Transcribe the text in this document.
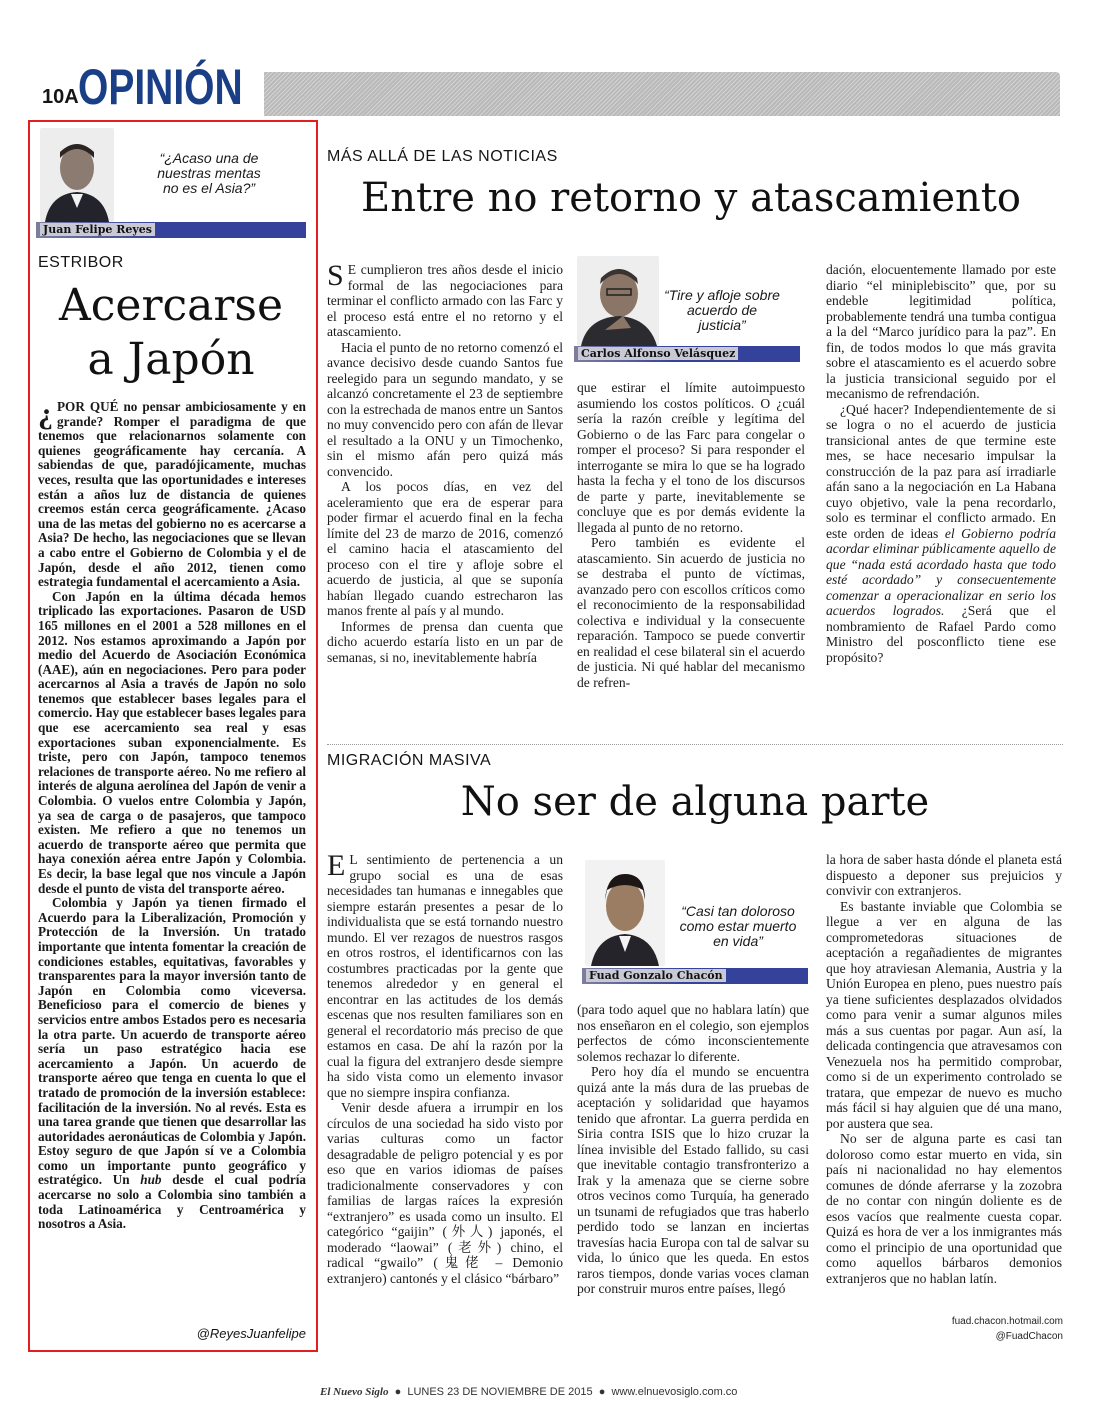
10A OPINIÓN
“¿Acaso una de nuestras mentas no es el Asia?”
Juan Felipe Reyes
ESTRIBOR
Acercarse
a Japón

¿ POR QUÉ no pensar ambiciosamente y en grande? Romper el paradigma de que tenemos que relacionarnos solamente con quienes geográficamente hay cercanía. A sabiendas de que, paradójicamente, muchas veces, resulta que las oportunidades e intereses están a años luz de distancia de quienes creemos están cerca geográficamente. ¿Acaso una de las metas del gobierno no es acercarse a Asia? De hecho, las negociaciones que se llevan a cabo entre el Gobierno de Colombia y el de Japón, desde el año 2012, tienen como estrategia fundamental el acercamiento a Asia.

Con Japón en la última década hemos triplicado las exportaciones. Pasaron de USD 165 millones en el 2001 a 528 millones en el 2012. Nos estamos aproximando a Japón por medio del Acuerdo de Asociación Económica (AAE), aún en negociaciones. Pero para poder acercarnos al Asia a través de Japón no solo tenemos que establecer bases legales para el comercio. Hay que establecer bases legales para que ese acercamiento sea real y esas exportaciones suban exponencialmente. Es triste, pero con Japón, tampoco tenemos relaciones de transporte aéreo. No me refiero al interés de alguna aerolínea del Japón de venir a Colombia. O vuelos entre Colombia y Japón, ya sea de carga o de pasajeros, que tampoco existen. Me refiero a que no tenemos un acuerdo de transporte aéreo que permita que haya conexión aérea entre Japón y Colombia. Es decir, la base legal que nos vincule a Japón desde el punto de vista del transporte aéreo.

Colombia y Japón ya tienen firmado el Acuerdo para la Liberalización, Promoción y Protección de la Inversión. Un tratado importante que intenta fomentar la creación de condiciones estables, equitativas, favorables y transparentes para la mayor inversión tanto de Japón en Colombia como viceversa. Beneficioso para el comercio de bienes y servicios entre ambos Estados pero es necesaria la otra parte. Un acuerdo de transporte aéreo sería un paso estratégico hacia ese acercamiento a Japón. Un acuerdo de transporte aéreo que tenga en cuenta lo que el tratado de promoción de la inversión establece: facilitación de la inversión. No al revés. Esta es una tarea grande que tienen que desarrollar las autoridades aeronáuticas de Colombia y Japón. Estoy seguro de que Japón sí ve a Colombia como un importante punto geográfico y estratégico. Un hub desde el cual podría acercarse no solo a Colombia sino también a toda Latinoamérica y Centroamérica y nosotros a Asia.

@ReyesJuanfelipe
MÁS ALLÁ DE LAS NOTICIAS
Entre no retorno y atascamiento

S E cumplieron tres años desde el inicio formal de las negociaciones para terminar el conflicto armado con las Farc y el proceso está entre el no retorno y el atascamiento.

Hacia el punto de no retorno comenzó el avance decisivo desde cuando Santos fue reelegido para un segundo mandato, y se alcanzó concretamente el 23 de septiembre con la estrechada de manos entre un Santos no muy convencido pero con afán de llevar el resultado a la ONU y un Timochenko, sin el mismo afán pero quizá más convencido.

A los pocos días, en vez del aceleramiento que era de esperar para poder firmar el acuerdo final en la fecha límite del 23 de marzo de 2016, comenzó el camino hacia el atascamiento del proceso con el tire y afloje sobre el acuerdo de justicia, al que se suponía habían llegado cuando estrecharon las manos frente al país y al mundo.

Informes de prensa dan cuenta que dicho acuerdo estaría listo en un par de semanas, si no, inevitablemente habría

“Tire y afloje sobre acuerdo de justicia”
Carlos Alfonso Velásquez

que estirar el límite autoimpuesto asumiendo los costos políticos. O ¿cuál sería la razón creíble y legítima del Gobierno o de las Farc para congelar o romper el proceso? Si para responder el interrogante se mira lo que se ha logrado hasta la fecha y el tono de los discursos de parte y parte, inevitablemente se concluye que es por demás evidente la llegada al punto de no retorno.

Pero también es evidente el atascamiento. Sin acuerdo de justicia no se destraba el punto de víctimas, avanzado pero con escollos críticos como el reconocimiento de la responsabilidad colectiva e individual y la consecuente reparación. Tampoco se puede convertir en realidad el cese bilateral sin el acuerdo de justicia. Ni qué hablar del mecanismo de refren-

dación, elocuentemente llamado por este diario “el miniplebiscito” que, por su endeble legitimidad política, probablemente tendrá una tumba contigua a la del “Marco jurídico para la paz”. En fin, de todos modos lo que más gravita sobre el atascamiento es el acuerdo sobre la justicia transicional seguido por el mecanismo de refrendación.

¿Qué hacer? Independientemente de si se logra o no el acuerdo de justicia transicional antes de que termine este mes, se hace necesario impulsar la construcción de la paz para así irradiarle afán sano a la negociación en La Habana cuyo objetivo, vale la pena recordarlo, solo es terminar el conflicto armado. En este orden de ideas el Gobierno podría acordar eliminar públicamente aquello de que “nada está acordado hasta que todo esté acordado” y consecuentemente comenzar a operacionalizar en serio los acuerdos logrados. ¿Será que el nombramiento de Rafael Pardo como Ministro del posconflicto tiene ese propósito?

MIGRACIÓN MASIVA
No ser de alguna parte

E L sentimiento de pertenencia a un grupo social es una de esas necesidades tan humanas e innegables que siempre estarán presentes a pesar de lo individualista que se está tornando nuestro mundo. El ver rezagos de nuestros rasgos en otros rostros, el identificarnos con las costumbres practicadas por la gente que tenemos alrededor y en general el encontrar en las actitudes de los demás escenas que nos resulten familiares son en general el recordatorio más preciso de que estamos en casa. De ahí la razón por la cual la figura del extranjero desde siempre ha sido vista como un elemento invasor que no siempre inspira confianza.

Venir desde afuera a irrumpir en los círculos de una sociedad ha sido visto por varias culturas como un factor desagradable de peligro potencial y es por eso que en varios idiomas de países tradicionalmente conservadores y con familias de largas raíces la expresión “extranjero” es usada como un insulto. El categórico “gaijin” (外人) japonés, el moderado “laowai” (老外) chino, el radical “gwailo” (鬼佬 – Demonio extranjero) cantonés y el clásico “bárbaro”

“Casi tan doloroso como estar muerto en vida”
Fuad Gonzalo Chacón

(para todo aquel que no hablara latín) que nos enseñaron en el colegio, son ejemplos perfectos de cómo inconscientemente solemos rechazar lo diferente.

Pero hoy día el mundo se encuentra quizá ante la más dura de las pruebas de aceptación y solidaridad que hayamos tenido que afrontar. La guerra perdida en Siria contra ISIS que lo hizo cruzar la línea invisible del Estado fallido, su casi que inevitable contagio transfronterizo a Irak y la amenaza que se cierne sobre otros vecinos como Turquía, ha generado un tsunami de refugiados que tras haberlo perdido todo se lanzan en inciertas travesías hacia Europa con tal de salvar su vida, lo único que les queda. En estos raros tiempos, donde varias voces claman por construir muros entre países, llegó

la hora de saber hasta dónde el planeta está dispuesto a deponer sus prejuicios y convivir con extranjeros.

Es bastante inviable que Colombia se llegue a ver en alguna de las comprometedoras situaciones de aceptación a regañadientes de migrantes que hoy atraviesan Alemania, Austria y la Unión Europea en pleno, pues nuestro país ya tiene suficientes desplazados olvidados como para venir a sumar algunos miles más a sus cuentas por pagar. Aun así, la delicada contingencia que atravesamos con Venezuela nos ha permitido comprobar, como si de un experimento controlado se tratara, que empezar de nuevo es mucho más fácil si hay alguien que dé una mano, por austera que sea.

No ser de alguna parte es casi tan doloroso como estar muerto en vida, sin país ni nacionalidad no hay elementos comunes de dónde aferrarse y la zozobra de no contar con ningún doliente es de esos vacíos que realmente cuesta copar. Quizá es hora de ver a los inmigrantes más como el principio de una oportunidad que como aquellos bárbaros demonios extranjeros que no hablan latín.

fuad.chacon.hotmail.com
@FuadChacon
El Nuevo Siglo  ●  LUNES 23 DE NOVIEMBRE DE 2015  ●  www.elnuevosiglo.com.co
